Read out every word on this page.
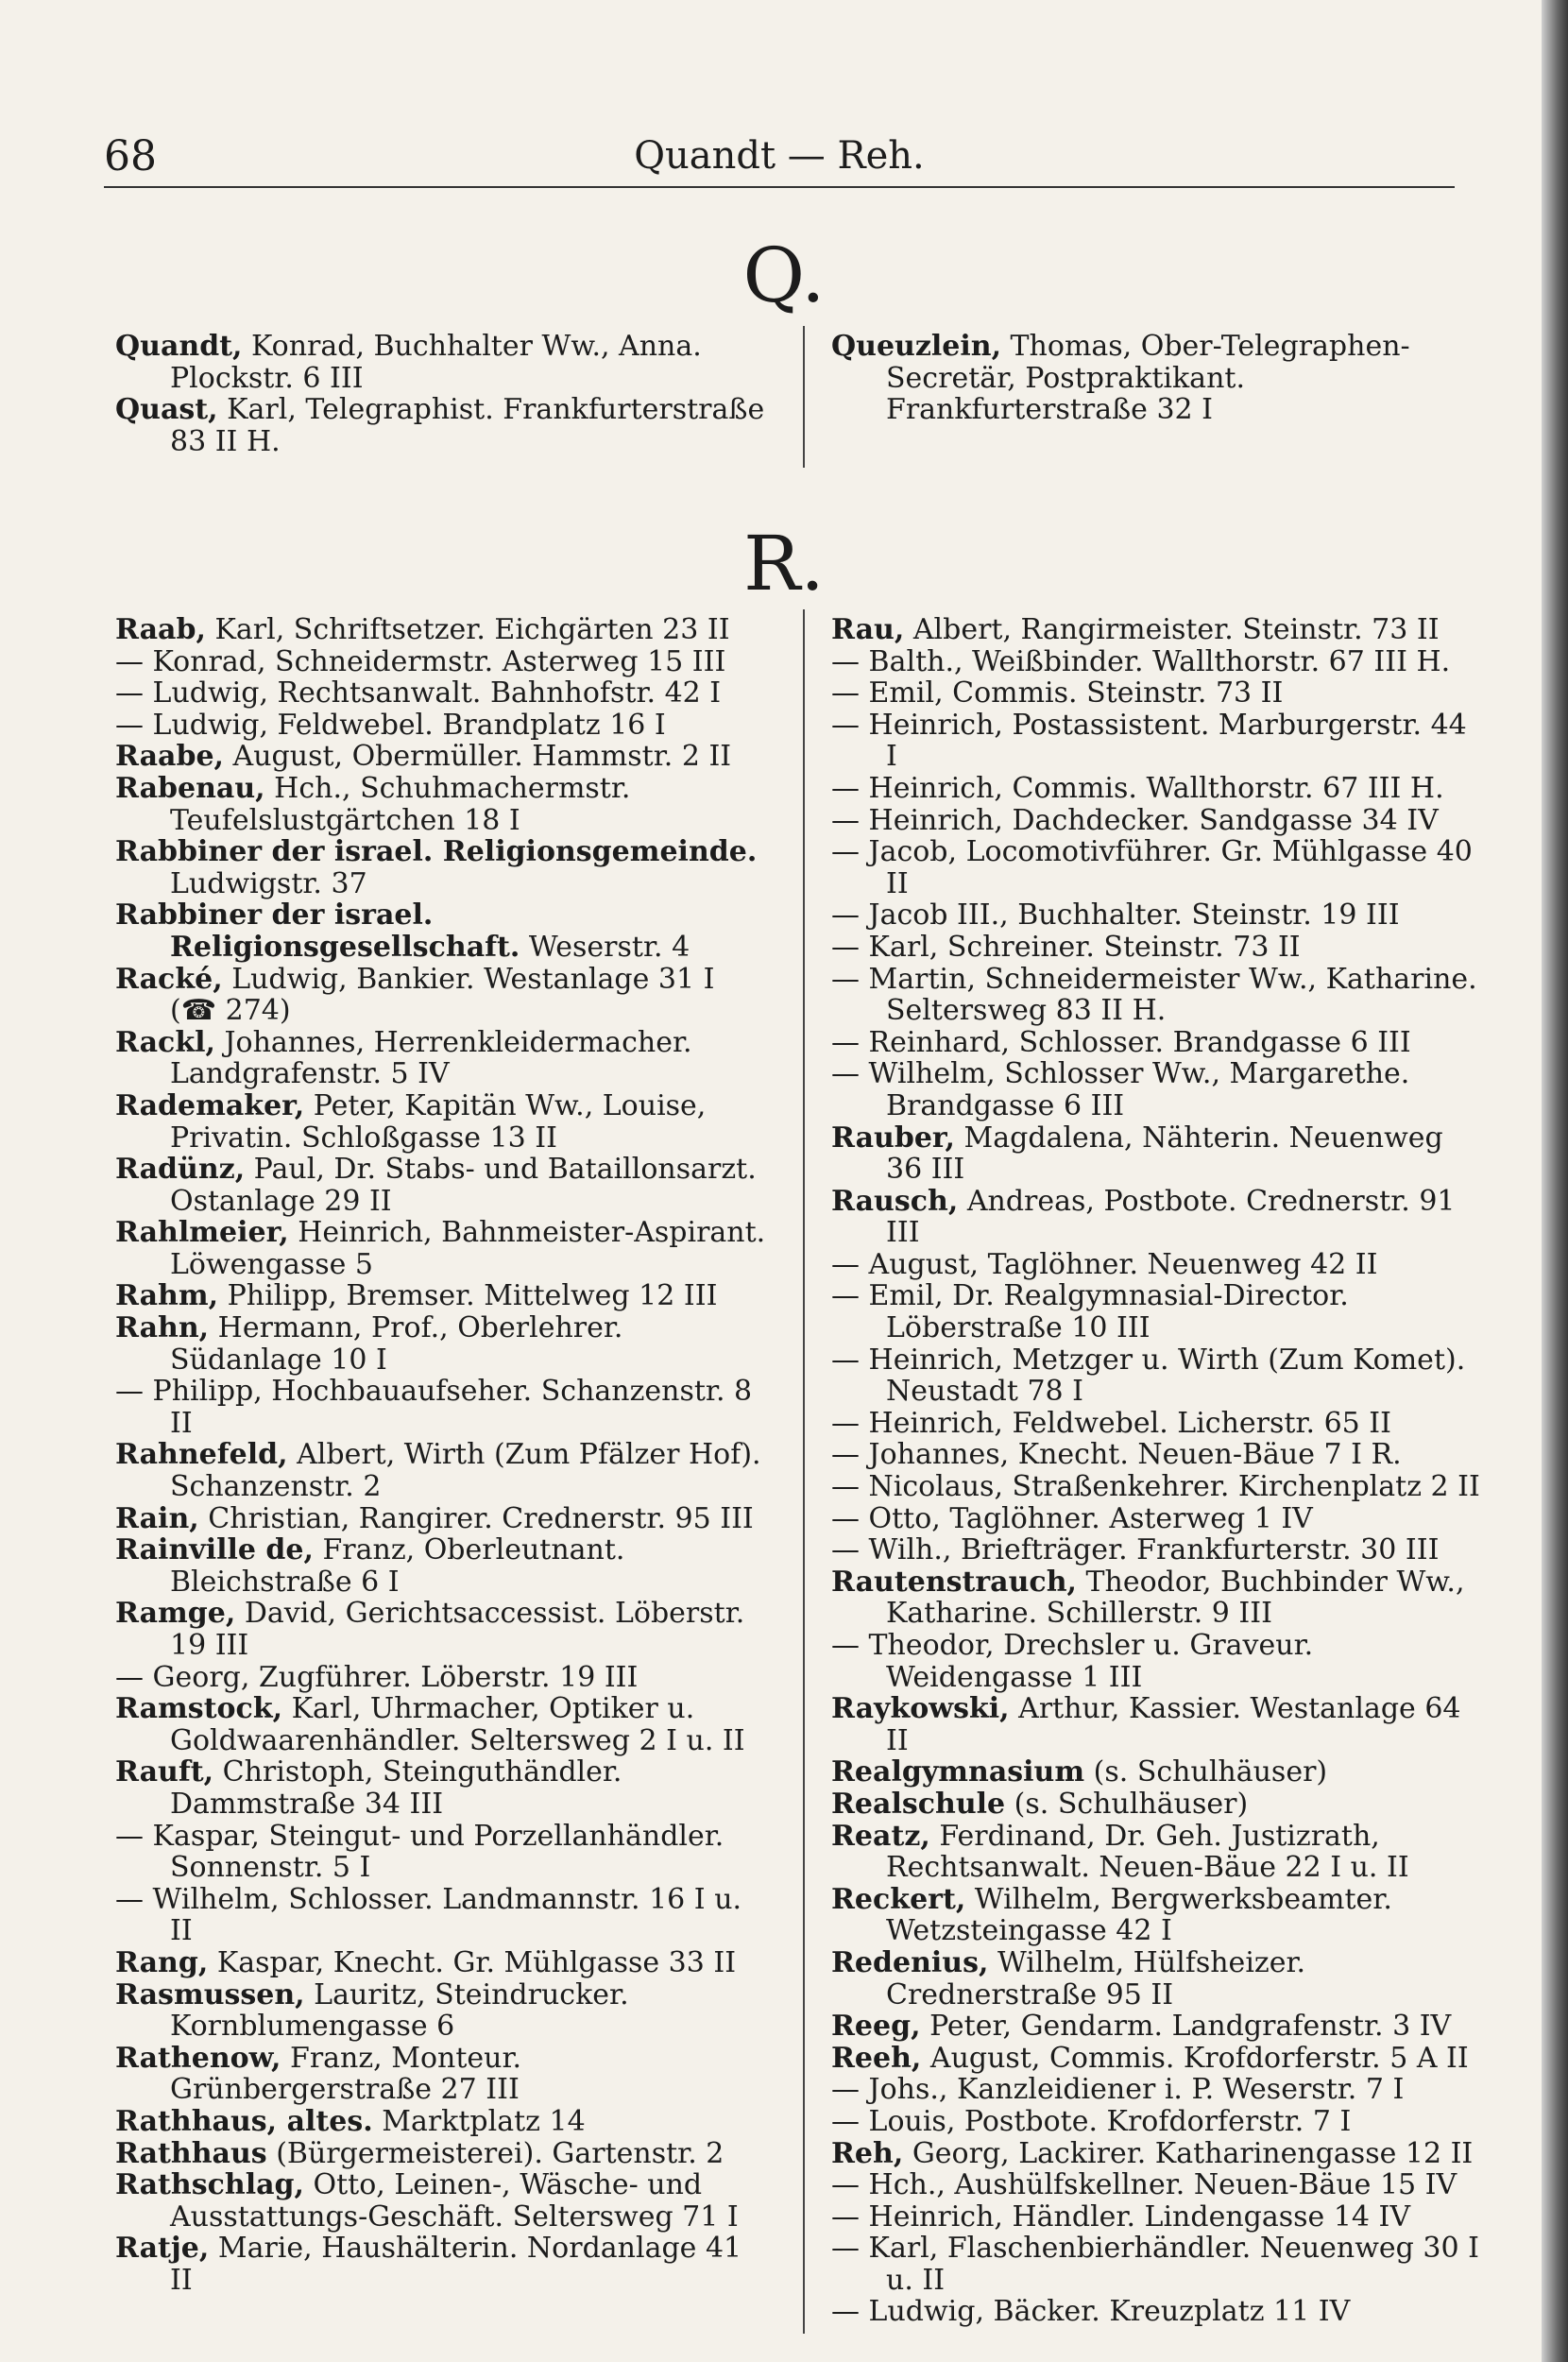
68	Quandt — Reh.
Q.

Quandt, Konrad, Buchhalter Ww., Anna. Plockstr. 6 III

Quast, Karl, Telegraphist. Frankfurterstraße 83 II H.

Queuzlein, Thomas, Ober-Telegraphen-Secretär, Postpraktikant. Frankfurterstraße 32 I

R.

Raab, Karl, Schriftsetzer. Eichgärten 23 II

— Konrad, Schneidermstr. Asterweg 15 III

— Ludwig, Rechtsanwalt. Bahnhofstr. 42 I

— Ludwig, Feldwebel. Brandplatz 16 I

Raabe, August, Obermüller. Hammstr. 2 II

Rabenau, Hch., Schuhmachermstr. Teufelslustgärtchen 18 I

Rabbiner der israel. Religionsgemeinde. Ludwigstr. 37

Rabbiner der israel. Religionsgesellschaft. Weserstr. 4

Racké, Ludwig, Bankier. Westanlage 31 I (☎ 274)

Rackl, Johannes, Herrenkleidermacher. Landgrafenstr. 5 IV

Rademaker, Peter, Kapitän Ww., Louise, Privatin. Schloßgasse 13 II

Radünz, Paul, Dr. Stabs- und Bataillonsarzt. Ostanlage 29 II

Rahlmeier, Heinrich, Bahnmeister-Aspirant. Löwengasse 5

Rahm, Philipp, Bremser. Mittelweg 12 III

Rahn, Hermann, Prof., Oberlehrer. Südanlage 10 I

— Philipp, Hochbauaufseher. Schanzenstr. 8 II

Rahnefeld, Albert, Wirth (Zum Pfälzer Hof). Schanzenstr. 2

Rain, Christian, Rangirer. Crednerstr. 95 III

Rainville de, Franz, Oberleutnant. Bleichstraße 6 I

Ramge, David, Gerichtsaccessist. Löberstr. 19 III

— Georg, Zugführer. Löberstr. 19 III

Ramstock, Karl, Uhrmacher, Optiker u. Goldwaarenhändler. Seltersweg 2 I u. II

Rauft, Christoph, Steinguthändler. Dammstraße 34 III

— Kaspar, Steingut- und Porzellanhändler. Sonnenstr. 5 I

— Wilhelm, Schlosser. Landmannstr. 16 I u. II

Rang, Kaspar, Knecht. Gr. Mühlgasse 33 II

Rasmussen, Lauritz, Steindrucker. Kornblumengasse 6

Rathenow, Franz, Monteur. Grünbergerstraße 27 III

Rathhaus, altes. Marktplatz 14

Rathhaus (Bürgermeisterei). Gartenstr. 2

Rathschlag, Otto, Leinen-, Wäsche- und Ausstattungs-Geschäft. Seltersweg 71 I

Ratje, Marie, Haushälterin. Nordanlage 41 II

Rau, Albert, Rangirmeister. Steinstr. 73 II

— Balth., Weißbinder. Wallthorstr. 67 III H.

— Emil, Commis. Steinstr. 73 II

— Heinrich, Postassistent. Marburgerstr. 44 I

— Heinrich, Commis. Wallthorstr. 67 III H.

— Heinrich, Dachdecker. Sandgasse 34 IV

— Jacob, Locomotivführer. Gr. Mühlgasse 40 II

— Jacob III., Buchhalter. Steinstr. 19 III

— Karl, Schreiner. Steinstr. 73 II

— Martin, Schneidermeister Ww., Katharine. Seltersweg 83 II H.

— Reinhard, Schlosser. Brandgasse 6 III

— Wilhelm, Schlosser Ww., Margarethe. Brandgasse 6 III

Rauber, Magdalena, Nähterin. Neuenweg 36 III

Rausch, Andreas, Postbote. Crednerstr. 91 III

— August, Taglöhner. Neuenweg 42 II

— Emil, Dr. Realgymnasial-Director. Löberstraße 10 III

— Heinrich, Metzger u. Wirth (Zum Komet). Neustadt 78 I

— Heinrich, Feldwebel. Licherstr. 65 II

— Johannes, Knecht. Neuen-Bäue 7 I R.

— Nicolaus, Straßenkehrer. Kirchenplatz 2 II

— Otto, Taglöhner. Asterweg 1 IV

— Wilh., Briefträger. Frankfurterstr. 30 III

Rautenstrauch, Theodor, Buchbinder Ww., Katharine. Schillerstr. 9 III

— Theodor, Drechsler u. Graveur. Weidengasse 1 III

Raykowski, Arthur, Kassier. Westanlage 64 II

Realgymnasium (s. Schulhäuser)

Realschule (s. Schulhäuser)

Reatz, Ferdinand, Dr. Geh. Justizrath, Rechtsanwalt. Neuen-Bäue 22 I u. II

Reckert, Wilhelm, Bergwerksbeamter. Wetzsteingasse 42 I

Redenius, Wilhelm, Hülfsheizer. Crednerstraße 95 II

Reeg, Peter, Gendarm. Landgrafenstr. 3 IV

Reeh, August, Commis. Krofdorferstr. 5 A II

— Johs., Kanzleidiener i. P. Weserstr. 7 I

— Louis, Postbote. Krofdorferstr. 7 I

Reh, Georg, Lackirer. Katharinengasse 12 II

— Hch., Aushülfskellner. Neuen-Bäue 15 IV

— Heinrich, Händler. Lindengasse 14 IV

— Karl, Flaschenbierhändler. Neuenweg 30 I u. II

— Ludwig, Bäcker. Kreuzplatz 11 IV
